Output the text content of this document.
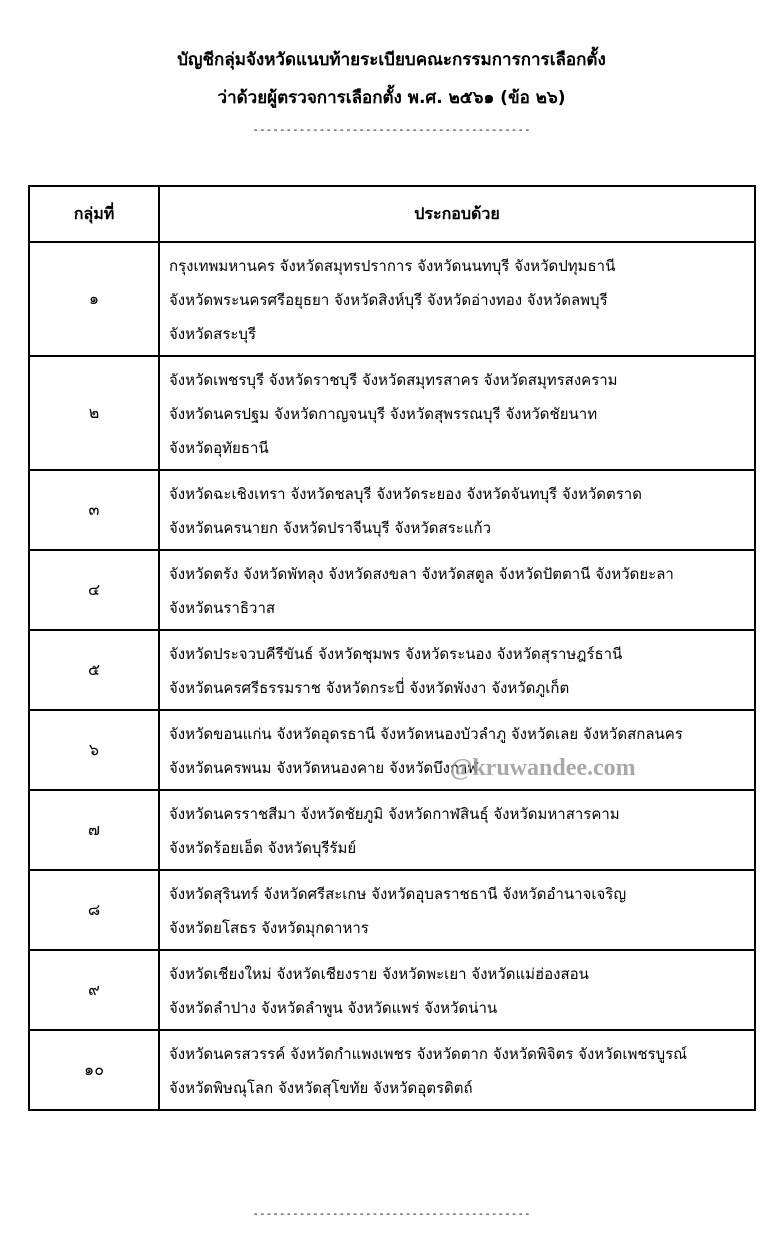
บัญชีกลุ่มจังหวัดแนบท้ายระเบียบคณะกรรมการการเลือกตั้ง
ว่าด้วยผู้ตรวจการเลือกตั้ง พ.ศ. ๒๕๖๑ (ข้อ ๒๖)
------------------------------------------
กลุ่มที่	ประกอบด้วย
๑	กรุงเทพมหานคร จังหวัดสมุทรปราการ จังหวัดนนทบุรี จังหวัดปทุมธานี
จังหวัดพระนครศรีอยุธยา จังหวัดสิงห์บุรี จังหวัดอ่างทอง จังหวัดลพบุรี
จังหวัดสระบุรี

๒	จังหวัดเพชรบุรี จังหวัดราชบุรี จังหวัดสมุทรสาคร จังหวัดสมุทรสงคราม
จังหวัดนครปฐม จังหวัดกาญจนบุรี จังหวัดสุพรรณบุรี จังหวัดชัยนาท
จังหวัดอุทัยธานี

๓	จังหวัดฉะเชิงเทรา จังหวัดชลบุรี จังหวัดระยอง จังหวัดจันทบุรี จังหวัดตราด
จังหวัดนครนายก จังหวัดปราจีนบุรี จังหวัดสระแก้ว

๔	จังหวัดตรัง จังหวัดพัทลุง จังหวัดสงขลา จังหวัดสตูล จังหวัดปัตตานี จังหวัดยะลา
จังหวัดนราธิวาส

๕	จังหวัดประจวบคีรีขันธ์ จังหวัดชุมพร จังหวัดระนอง จังหวัดสุราษฎร์ธานี
จังหวัดนครศรีธรรมราช จังหวัดกระบี่ จังหวัดพังงา จังหวัดภูเก็ต

๖	จังหวัดขอนแก่น จังหวัดอุดรธานี จังหวัดหนองบัวลำภู จังหวัดเลย จังหวัดสกลนคร
จังหวัดนครพนม จังหวัดหนองคาย จังหวัดบึงกาฬ

๗	จังหวัดนครราชสีมา จังหวัดชัยภูมิ จังหวัดกาฬสินธุ์ จังหวัดมหาสารคาม
จังหวัดร้อยเอ็ด จังหวัดบุรีรัมย์

๘	จังหวัดสุรินทร์ จังหวัดศรีสะเกษ จังหวัดอุบลราชธานี จังหวัดอำนาจเจริญ
จังหวัดยโสธร จังหวัดมุกดาหาร

๙	จังหวัดเชียงใหม่ จังหวัดเชียงราย จังหวัดพะเยา จังหวัดแม่ฮ่องสอน
จังหวัดลำปาง จังหวัดลำพูน จังหวัดแพร่ จังหวัดน่าน

๑๐	จังหวัดนครสวรรค์ จังหวัดกำแพงเพชร จังหวัดตาก จังหวัดพิจิตร จังหวัดเพชรบูรณ์
จังหวัดพิษณุโลก จังหวัดสุโขทัย จังหวัดอุตรดิตถ์
------------------------------------------
@kruwandee.com
